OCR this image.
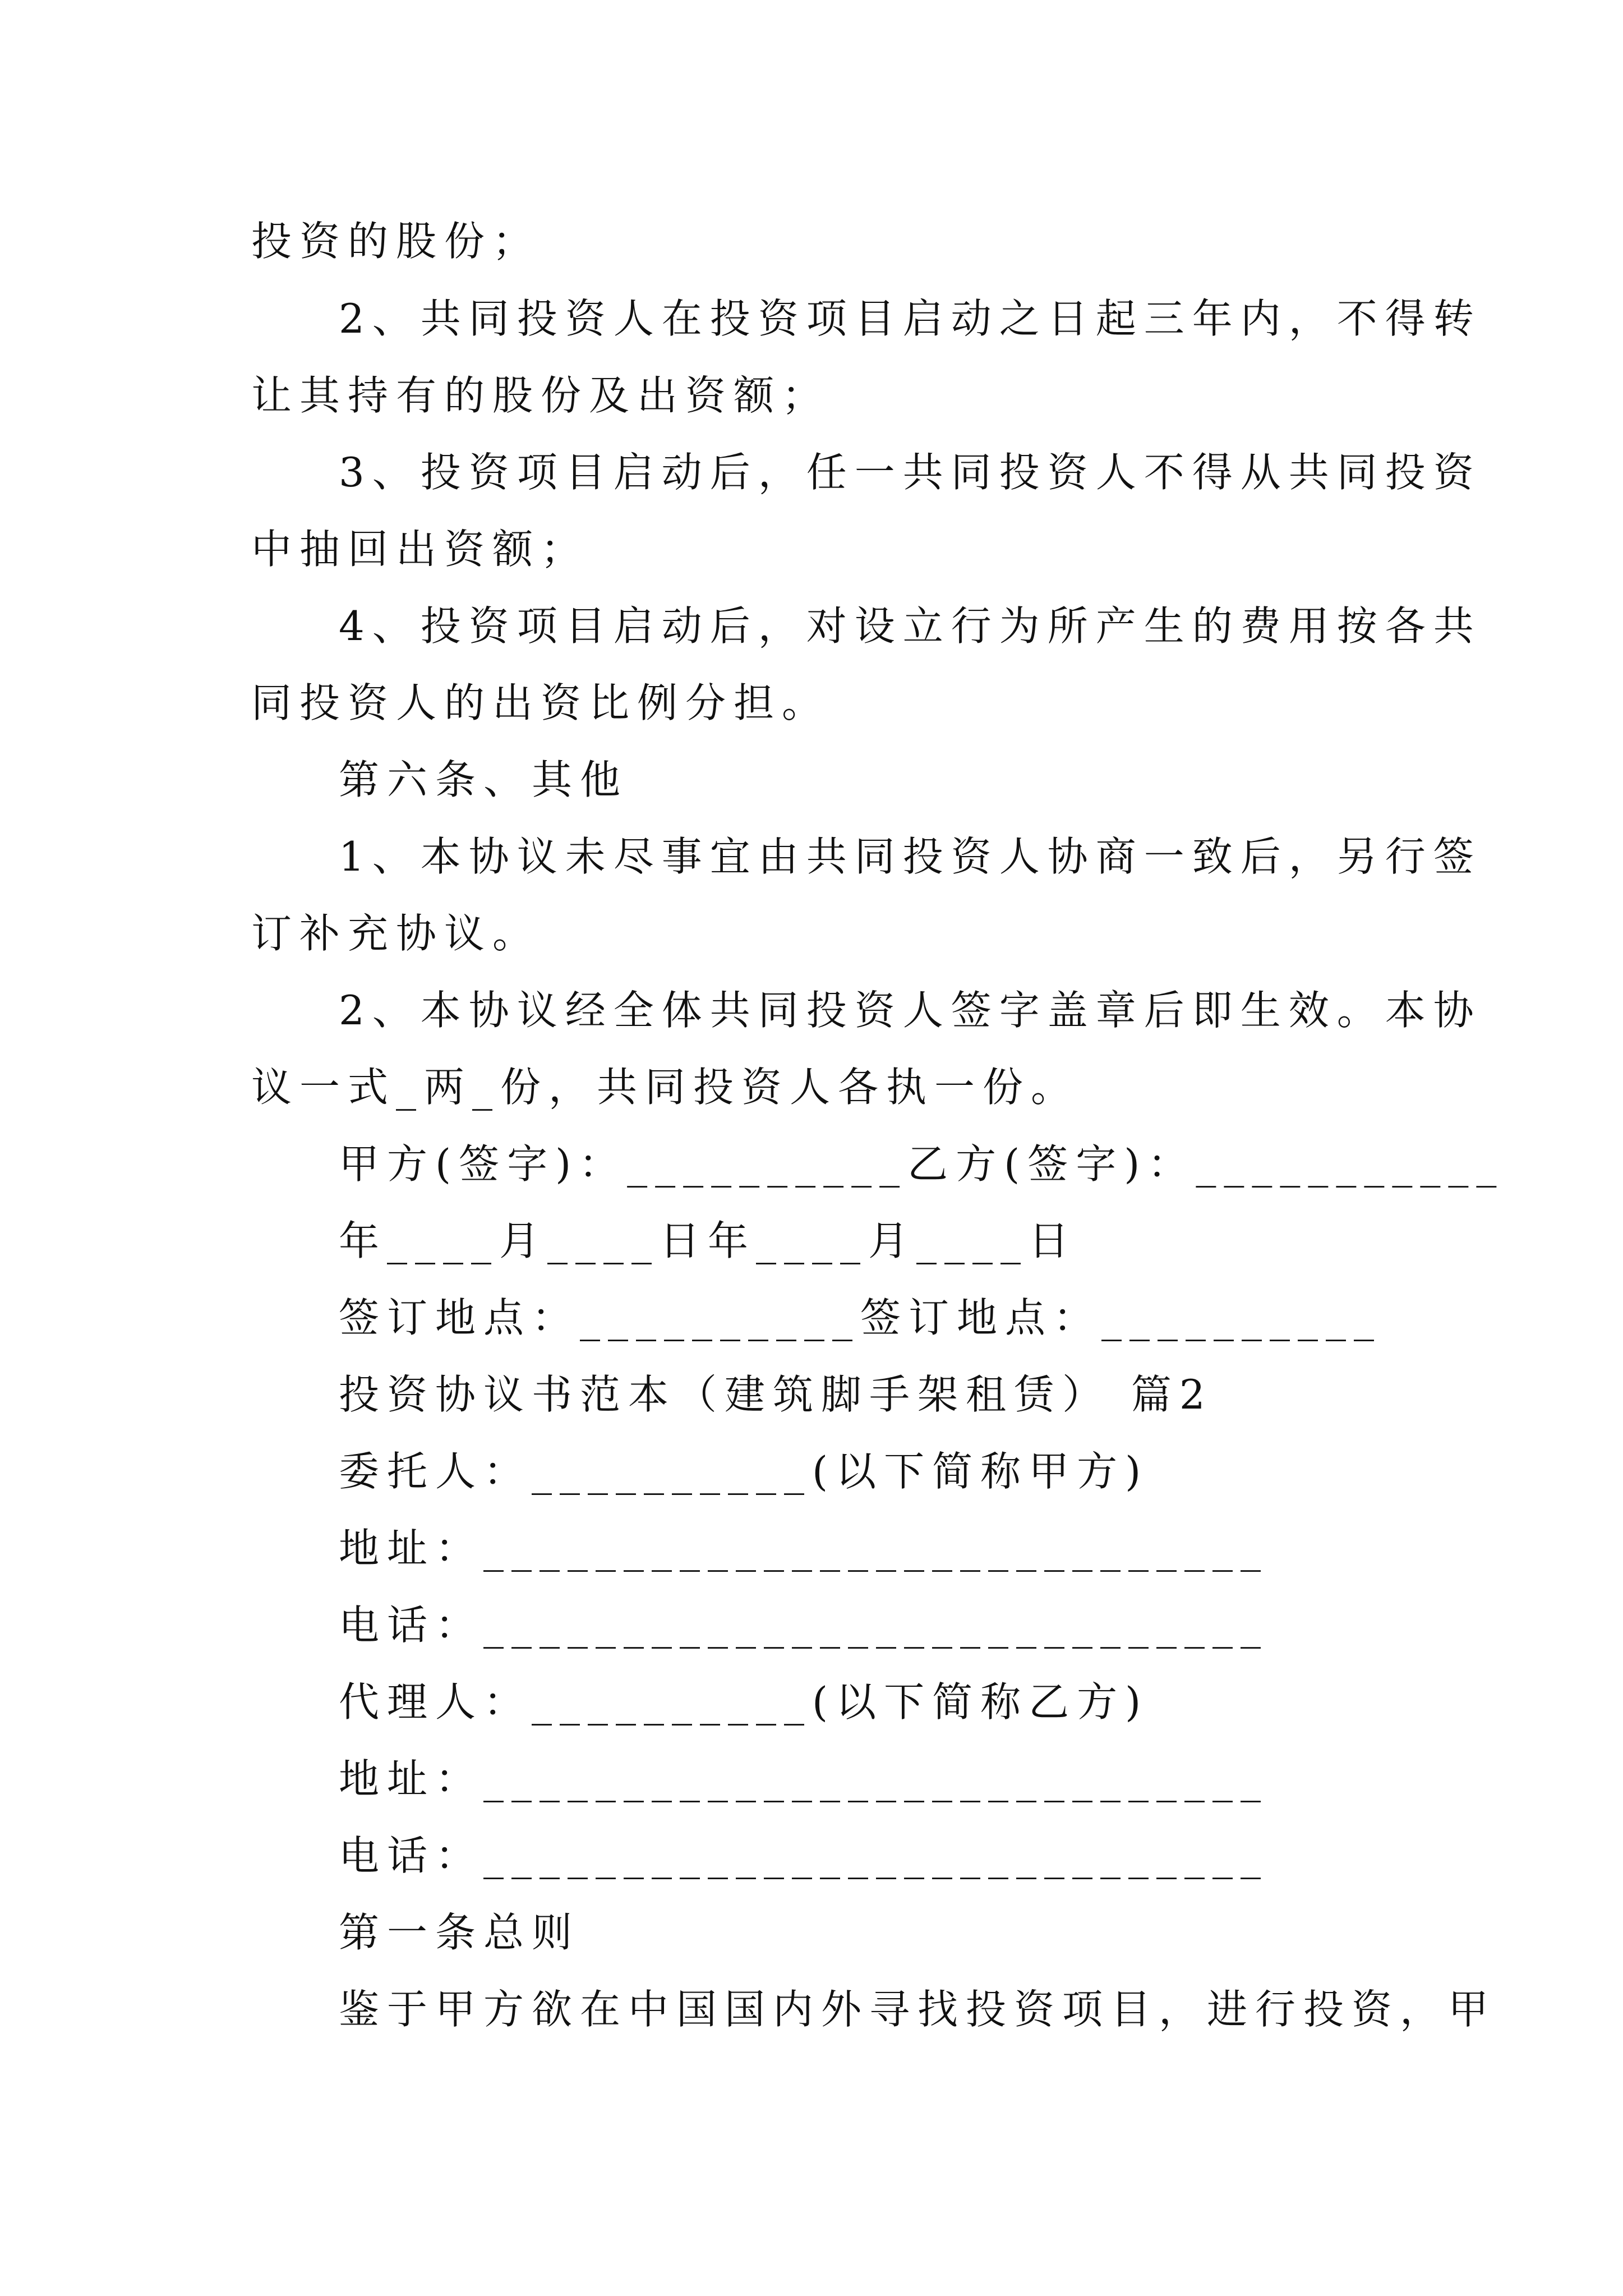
投资的股份；
2、共同投资人在投资项目启动之日起三年内，不得转
让其持有的股份及出资额；
3、投资项目启动后，任一共同投资人不得从共同投资
中抽回出资额；
4、投资项目启动后，对设立行为所产生的费用按各共
同投资人的出资比例分担。
第六条、其他
1、本协议未尽事宜由共同投资人协商一致后，另行签
订补充协议。
2、本协议经全体共同投资人签字盖章后即生效。本协
议一式_两_份，共同投资人各执一份。
甲方(签字)：__________乙方(签字)：___________
年____月____日年____月____日
签订地点：__________签订地点：__________
投资协议书范本（建筑脚手架租赁） 篇2
委托人：__________(以下简称甲方)
地址：____________________________
电话：____________________________
代理人：__________(以下简称乙方)
地址：____________________________
电话：____________________________
第一条总则
鉴于甲方欲在中国国内外寻找投资项目，进行投资，甲
